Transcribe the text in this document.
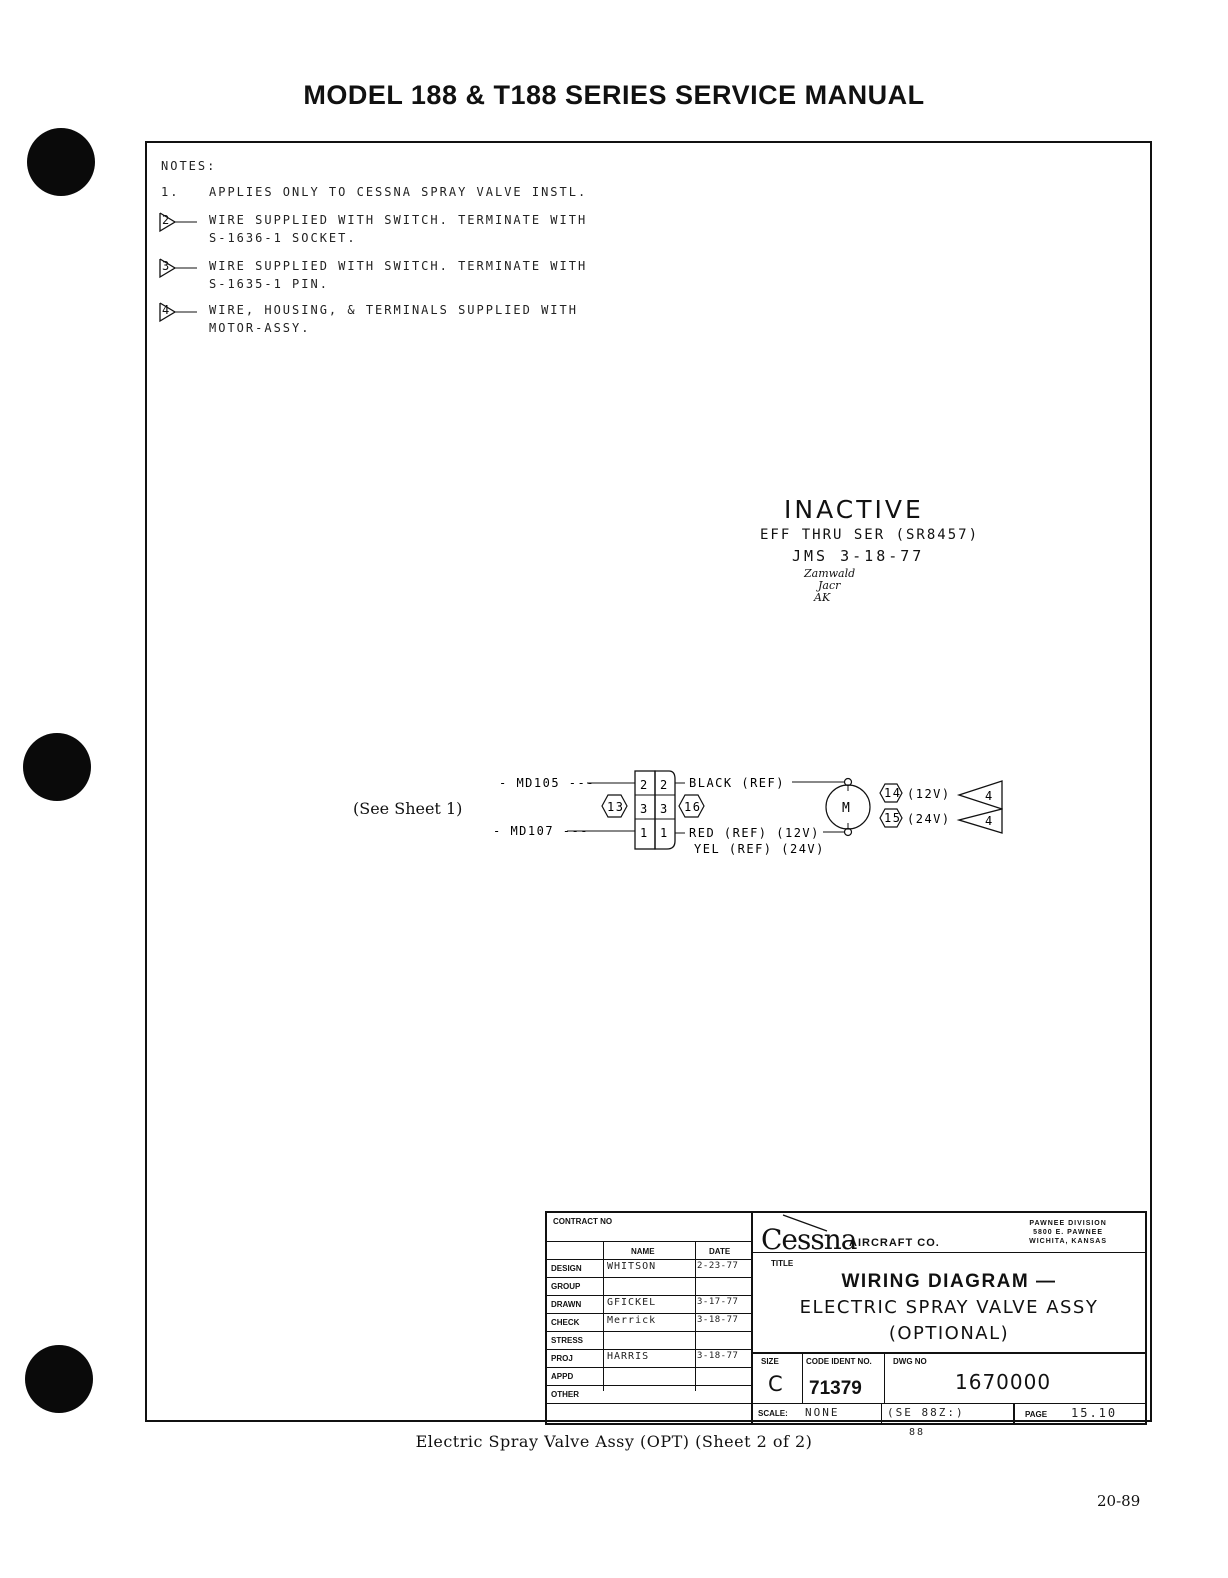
MODEL 188 & T188 SERIES SERVICE MANUAL
NOTES:
1. APPLIES ONLY TO CESSNA SPRAY VALVE INSTL.
2	WIRE SUPPLIED WITH SWITCH. TERMINATE WITH
S-1636-1 SOCKET.
3	WIRE SUPPLIED WITH SWITCH. TERMINATE WITH
S-1635-1 PIN.
4	WIRE, HOUSING, & TERMINALS SUPPLIED WITH
MOTOR-ASSY.
INACTIVE
EFF THRU SER (SR8457)
JMS 3-18-77
Zamwald
Jacr
AK
(See Sheet 1)
- MD105 ---
- MD107 ---
2
3
1
2
3
1
13	16
BLACK (REF)
RED (REF) (12V)
YEL (REF) (24V)
M
14 (12V)
15 (24V)
4
4
CONTRACT NO
NAME	DATE
DESIGN	WHITSON	2-23-77
GROUP
DRAWN	GFICKEL	3-17-77
CHECK	Merrick	3-18-77
STRESS
PROJ	HARRIS	3-18-77
APPD
OTHER
Cessna
AIRCRAFT CO.
PAWNEE DIVISION
5800 E. PAWNEE
WICHITA, KANSAS
TITLE
WIRING DIAGRAM —
ELECTRIC SPRAY VALVE ASSY
(OPTIONAL)
SIZE
C
CODE IDENT NO.
71379
DWG NO
1670000
SCALE: NONE	(SE 88Z:)	PAGE 15.10
88
Electric Spray Valve Assy (OPT) (Sheet 2 of 2)
20-89
